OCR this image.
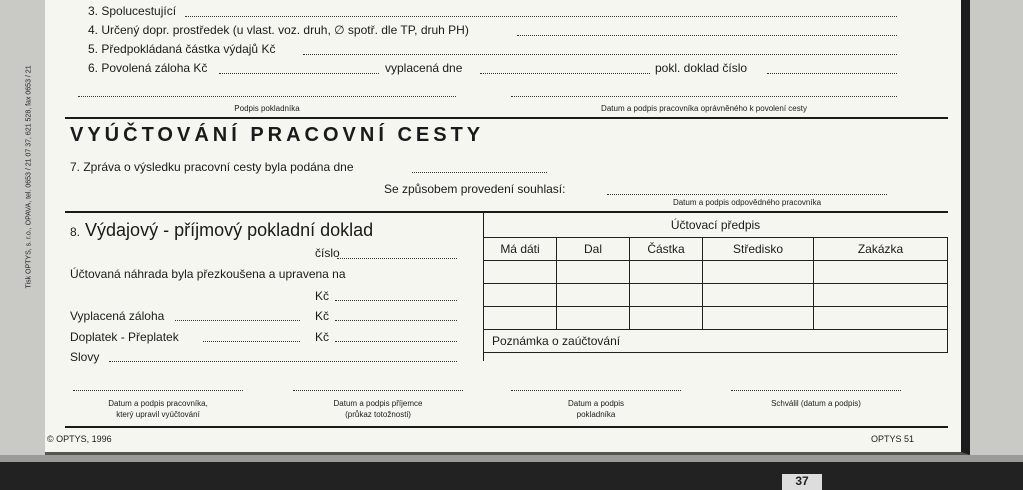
Tisk OPTYS, s. r.o., OPAVA, tel. 0653 / 21 07 37, 621 528, fax 0653 / 21
3. Spolucestující
4. Určený dopr. prostředek (u vlast. voz. druh, ∅ spotř. dle TP, druh PH)
5. Předpokládaná částka výdajů Kč
6. Povolená záloha Kč	vyplacená dne	pokl. doklad číslo
Podpis pokladníka	Datum a podpis pracovníka oprávněného k povolení cesty
VYÚČTOVÁNÍ PRACOVNÍ CESTY
7. Zpráva o výsledku pracovní cesty byla podána dne
Se způsobem provedení souhlasí:
Datum a podpis odpovědného pracovníka
8. Výdajový - příjmový pokladní doklad
číslo
Účtovaná náhrada byla přezkoušena a upravena na
Kč
Vyplacená záloha	Kč
Doplatek - Přeplatek	Kč
Slovy
Účtovací předpis
Má dáti	Dal	Částka	Středisko	Zakázka

Poznámka o zaúčtování				
Datum a podpis pracovníka,
který upravil vyúčtování
Datum a podpis příjemce
(průkaz totožnosti)
Datum a podpis
pokladníka
Schválil (datum a podpis)
© OPTYS, 1996	OPTYS 51
37
